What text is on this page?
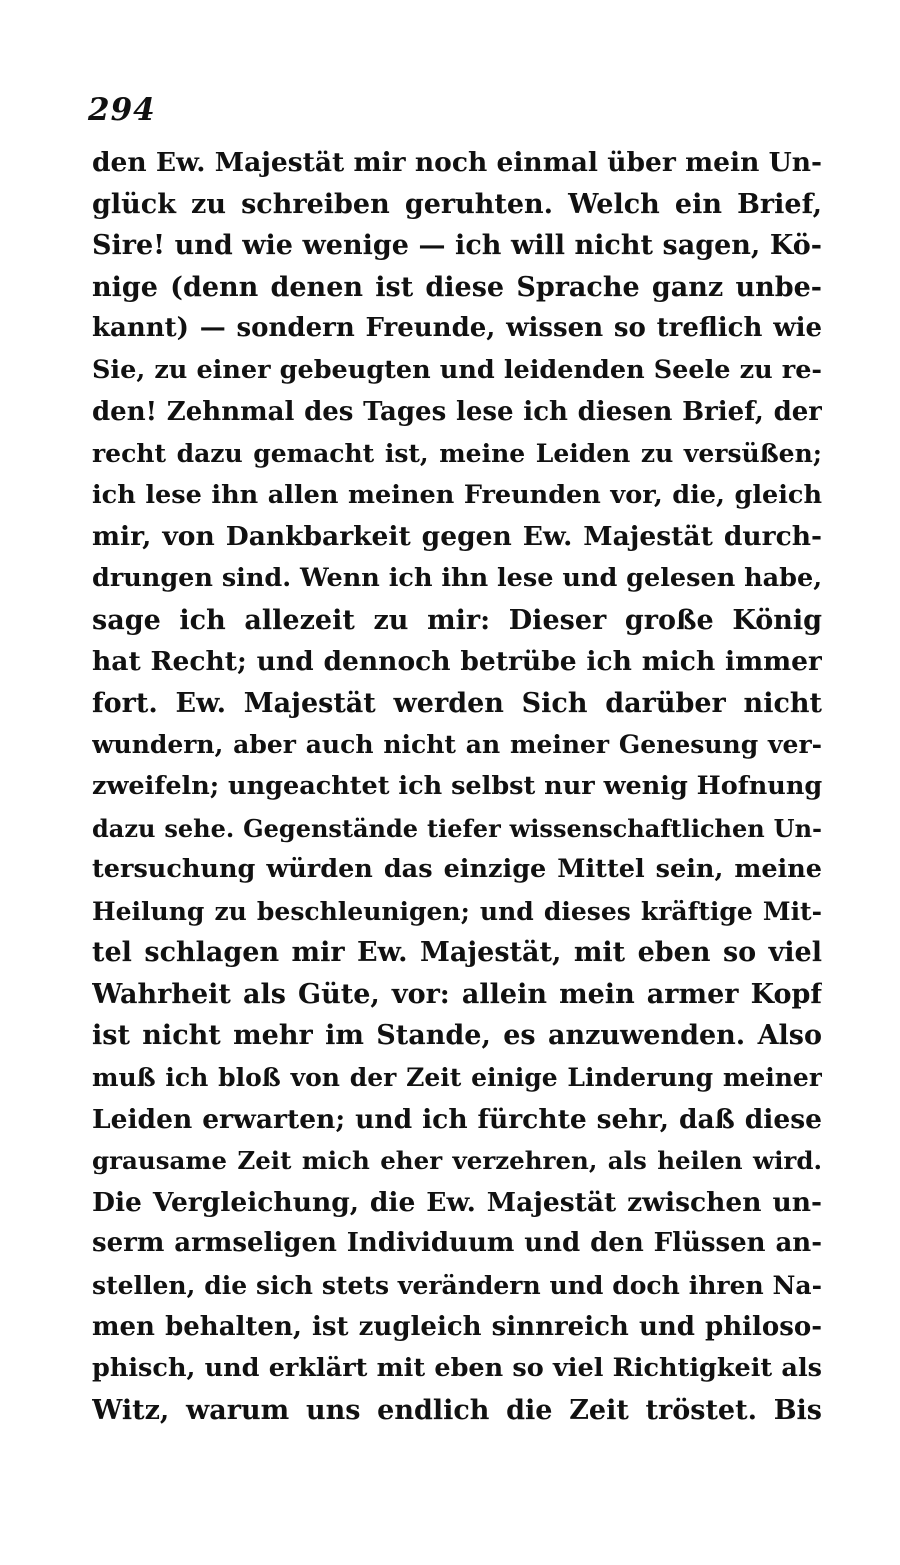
294
den Ew. Majestät mir noch einmal über mein Un-
glück zu schreiben geruhten. Welch ein Brief,
Sire! und wie wenige — ich will nicht sagen, Kö-
nige (denn denen ist diese Sprache ganz unbe-
kannt) — sondern Freunde, wissen so treflich wie
Sie, zu einer gebeugten und leidenden Seele zu re-
den! Zehnmal des Tages lese ich diesen Brief, der
recht dazu gemacht ist, meine Leiden zu versüßen;
ich lese ihn allen meinen Freunden vor, die, gleich
mir, von Dankbarkeit gegen Ew. Majestät durch-
drungen sind. Wenn ich ihn lese und gelesen habe,
sage ich allezeit zu mir: Dieser große König
hat Recht; und dennoch betrübe ich mich immer
fort. Ew. Majestät werden Sich darüber nicht
wundern, aber auch nicht an meiner Genesung ver-
zweifeln; ungeachtet ich selbst nur wenig Hofnung
dazu sehe. Gegenstände tiefer wissenschaftlichen Un-
tersuchung würden das einzige Mittel sein, meine
Heilung zu beschleunigen; und dieses kräftige Mit-
tel schlagen mir Ew. Majestät, mit eben so viel
Wahrheit als Güte, vor: allein mein armer Kopf
ist nicht mehr im Stande, es anzuwenden. Also
muß ich bloß von der Zeit einige Linderung meiner
Leiden erwarten; und ich fürchte sehr, daß diese
grausame Zeit mich eher verzehren, als heilen wird.
Die Vergleichung, die Ew. Majestät zwischen un-
serm armseligen Individuum und den Flüssen an-
stellen, die sich stets verändern und doch ihren Na-
men behalten, ist zugleich sinnreich und philoso-
phisch, und erklärt mit eben so viel Richtigkeit als
Witz, warum uns endlich die Zeit tröstet. Bis
